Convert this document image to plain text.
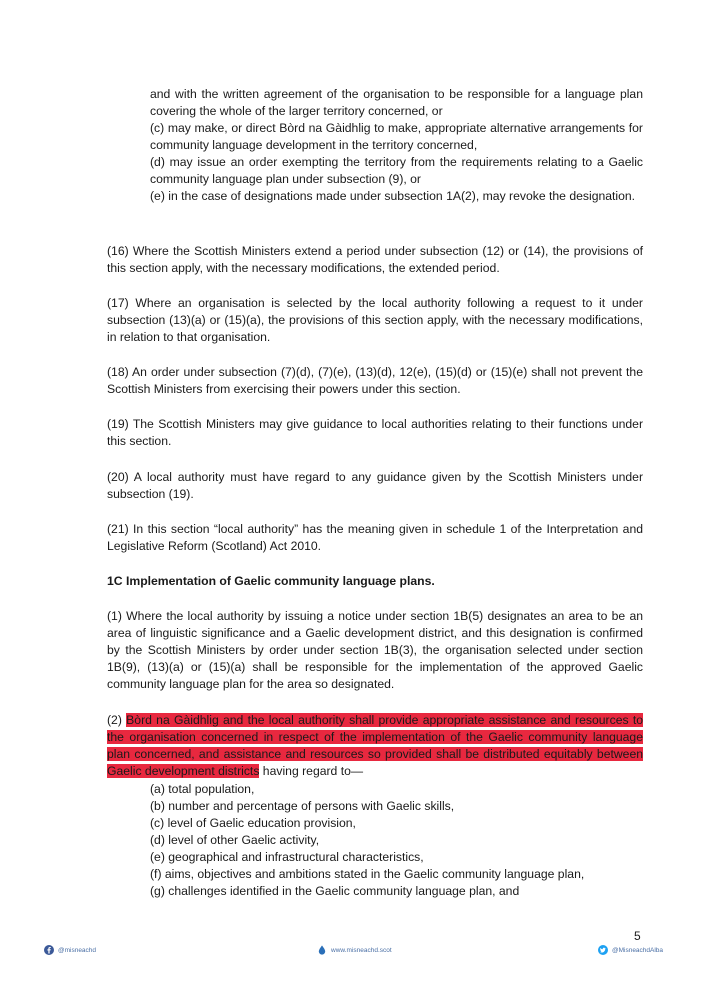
and with the written agreement of the organisation to be responsible for a language plan covering the whole of the larger territory concerned, or

(c) may make, or direct Bòrd na Gàidhlig to make, appropriate alternative arrangements for community language development in the territory concerned,

(d) may issue an order exempting the territory from the requirements relating to a Gaelic community language plan under subsection (9), or

(e) in the case of designations made under subsection 1A(2), may revoke the designation.

(16) Where the Scottish Ministers extend a period under subsection (12) or (14), the provisions of this section apply, with the necessary modifications, the extended period.

(17) Where an organisation is selected by the local authority following a request to it under subsection (13)(a) or (15)(a), the provisions of this section apply, with the necessary modifications, in relation to that organisation.

(18) An order under subsection (7)(d), (7)(e), (13)(d), 12(e), (15)(d) or (15)(e) shall not prevent the Scottish Ministers from exercising their powers under this section.

(19) The Scottish Ministers may give guidance to local authorities relating to their functions under this section.

(20) A local authority must have regard to any guidance given by the Scottish Ministers under subsection (19).

(21) In this section “local authority” has the meaning given in schedule 1 of the Interpretation and Legislative Reform (Scotland) Act 2010.

1C Implementation of Gaelic community language plans.

(1) Where the local authority by issuing a notice under section 1B(5) designates an area to be an area of linguistic significance and a Gaelic development district, and this designation is confirmed by the Scottish Ministers by order under section 1B(3), the organisation selected under section 1B(9), (13)(a) or (15)(a) shall be responsible for the implementation of the approved Gaelic community language plan for the area so designated.

(2) Bòrd na Gàidhlig and the local authority shall provide appropriate assistance and resources to the organisation concerned in respect of the implementation of the Gaelic community language plan concerned, and assistance and resources so provided shall be distributed equitably between Gaelic development districts having regard to—

(a) total population,

(b) number and percentage of persons with Gaelic skills,

(c) level of Gaelic education provision,

(d) level of other Gaelic activity,

(e) geographical and infrastructural characteristics,

(f) aims, objectives and ambitions stated in the Gaelic community language plan,

(g) challenges identified in the Gaelic community language plan, and

5
@misneachd	www.misneachd.scot	@MisneachdAlba
